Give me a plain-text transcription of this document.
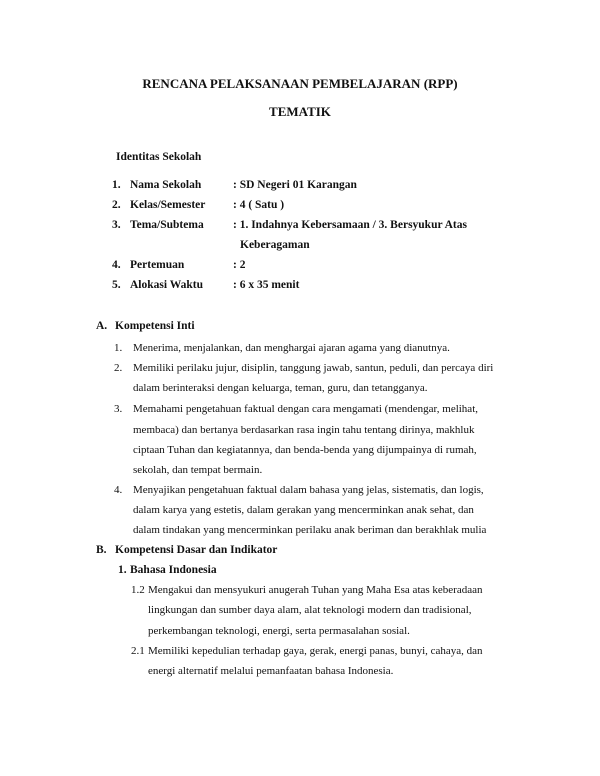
RENCANA PELAKSANAAN PEMBELAJARAN (RPP)
TEMATIK
Identitas Sekolah
1. Nama Sekolah	: SD Negeri 01 Karangan
2. Kelas/Semester : 4 ( Satu )
3. Tema/Subtema	: 1. Indahnya Kebersamaan / 3. Bersyukur Atas
Keberagaman
4. Pertemuan	: 2
5. Alokasi Waktu	: 6 x 35 menit
A. Kompetensi Inti
1. Menerima, menjalankan, dan menghargai ajaran agama yang dianutnya.
2. Memiliki perilaku jujur, disiplin, tanggung jawab, santun, peduli, dan percaya diri
dalam berinteraksi dengan keluarga, teman, guru, dan tetangganya.
3. Memahami pengetahuan faktual dengan cara mengamati (mendengar, melihat,
membaca) dan bertanya berdasarkan rasa ingin tahu tentang dirinya, makhluk
ciptaan Tuhan dan kegiatannya, dan benda-benda yang dijumpainya di rumah,
sekolah, dan tempat bermain.
4. Menyajikan pengetahuan faktual dalam bahasa yang jelas, sistematis, dan logis,
dalam karya yang estetis, dalam gerakan yang mencerminkan anak sehat, dan
dalam tindakan yang mencerminkan perilaku anak beriman dan berakhlak mulia
B. Kompetensi Dasar dan Indikator
1. Bahasa Indonesia
1.2 Mengakui dan mensyukuri anugerah Tuhan yang Maha Esa atas keberadaan
lingkungan dan sumber daya alam, alat teknologi modern dan tradisional,
perkembangan teknologi, energi, serta permasalahan sosial.
2.1 Memiliki kepedulian terhadap gaya, gerak, energi panas, bunyi, cahaya, dan
energi alternatif melalui pemanfaatan bahasa Indonesia.
